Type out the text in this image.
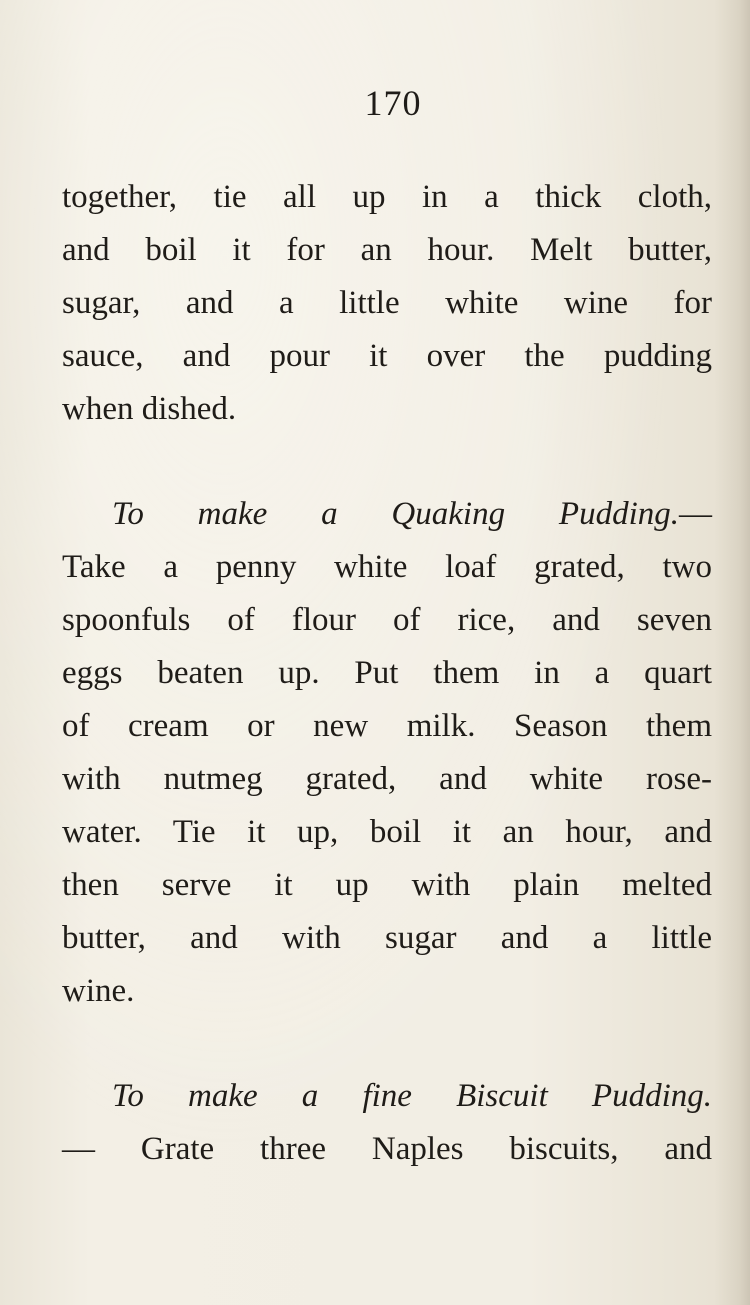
170
together, tie all up in a thick cloth,
and boil it for an hour. Melt butter,
sugar, and a little white wine for
sauce, and pour it over the pudding
when dished.
To make a Quaking Pudding.—
Take a penny white loaf grated, two
spoonfuls of flour of rice, and seven
eggs beaten up. Put them in a quart
of cream or new milk. Season them
with nutmeg grated, and white rose-
water. Tie it up, boil it an hour, and
then serve it up with plain melted
butter, and with sugar and a little
wine.
To make a fine Biscuit Pudding.
— Grate three Naples biscuits, and
